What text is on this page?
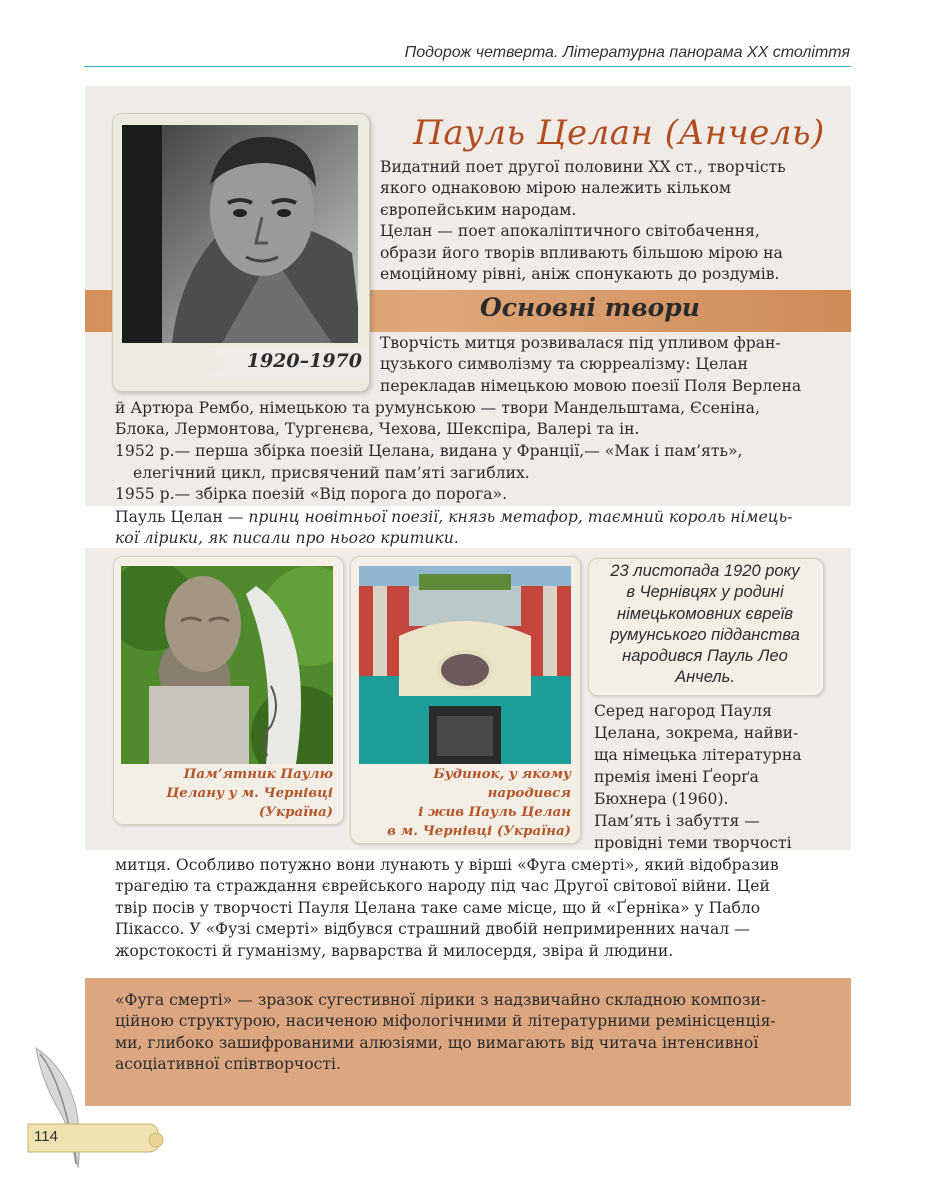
Подорож четверта. Літературна панорама ХХ століття
Основні твори
1920–1970
Пауль Целан (Анчель)
Видатний поет другої половини ХХ ст., творчість
якого однаковою мірою належить кільком
європейським народам.
Целан — поет апокаліптичного світобачення,
образи його творів впливають більшою мірою на
емоційному рівні, аніж спонукають до роздумів.
Творчість митця розвивалася під упливом фран-
цузького символізму та сюрреалізму: Целан
перекладав німецькою мовою поезії Поля Верлена
й Артюра Рембо, німецькою та румунською — твори Мандельштама, Єсеніна,
Блока, Лермонтова, Тургенєва, Чехова, Шекспіра, Валері та ін.
1952 р.— перша збірка поезій Целана, видана у Франції,— «Мак і пам’ять»,
елегічний цикл, присвячений пам’яті загиблих.
1955 р.— збірка поезій «Від порога до порога».
Пауль Целан — принц новітньої поезії, князь метафор, таємний король німець-
кої лірики, як писали про нього критики.
Пам’ятник Паулю
Целану у м. Чернівці
(Україна)
Будинок, у якому
народився
і жив Пауль Целан
в м. Чернівці (Україна)
23 листопада 1920 року
в Чернівцях у родині
німецькомовних євреїв
румунського підданства
народився Пауль Лео
Анчель.
Серед нагород Пауля
Целана, зокрема, найви-
ща німецька літературна
премія імені Ґеорґа
Бюхнера (1960).
Пам’ять і забуття —
провідні теми творчості
митця. Особливо потужно вони лунають у вірші «Фуга смерті», який відобразив
трагедію та страждання єврейського народу під час Другої світової війни. Цей
твір посів у творчості Пауля Целана таке саме місце, що й «Ґерніка» у Пабло
Пікассо. У «Фузі смерті» відбувся страшний двобій непримиренних начал —
жорстокості й гуманізму, варварства й милосердя, звіра й людини.
«Фуга смерті» — зразок сугестивної лірики з надзвичайно складною компози-
ційною структурою, насиченою міфологічними й літературними ремінісценція-
ми, глибоко зашифрованими алюзіями, що вимагають від читача інтенсивної
асоціативної співтворчості.
114
